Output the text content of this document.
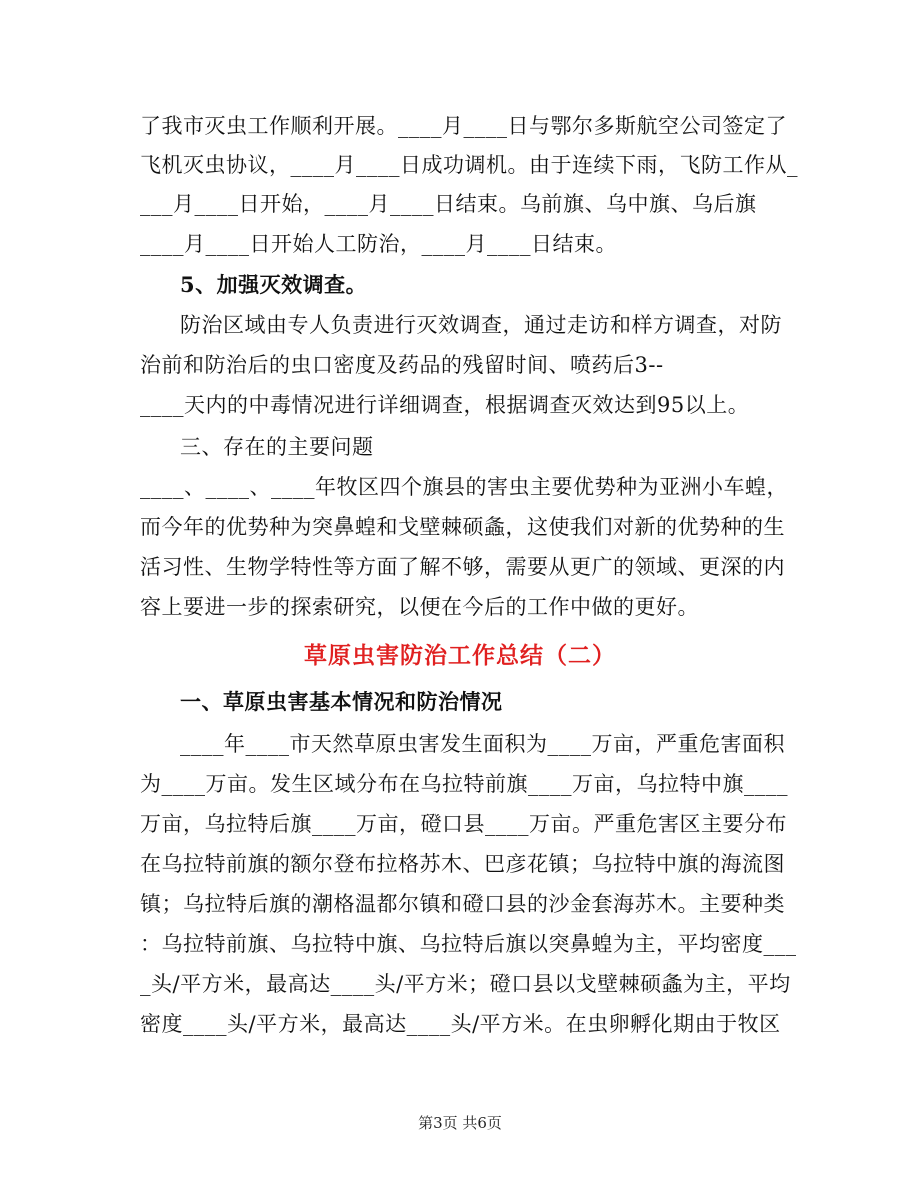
了我市灭虫工作顺利开展。____月____日与鄂尔多斯航空公司签定了
飞机灭虫协议，____月____日成功调机。由于连续下雨，飞防工作从_
___月____日开始，____月____日结束。乌前旗、乌中旗、乌后旗
____月____日开始人工防治，____月____日结束。
5、加强灭效调查。
防治区域由专人负责进行灭效调查，通过走访和样方调查，对防
治前和防治后的虫口密度及药品的残留时间、喷药后3--
____天内的中毒情况进行详细调查，根据调查灭效达到95以上。
三、存在的主要问题
____、____、____年牧区四个旗县的害虫主要优势种为亚洲小车蝗，
而今年的优势种为突鼻蝗和戈壁棘硕螽，这使我们对新的优势种的生
活习性、生物学特性等方面了解不够，需要从更广的领域、更深的内
容上要进一步的探索研究，以便在今后的工作中做的更好。
草原虫害防治工作总结（二）
一、草原虫害基本情况和防治情况
____年____市天然草原虫害发生面积为____万亩，严重危害面积
为____万亩。发生区域分布在乌拉特前旗____万亩，乌拉特中旗____
万亩，乌拉特后旗____万亩，磴口县____万亩。严重危害区主要分布
在乌拉特前旗的额尔登布拉格苏木、巴彦花镇；乌拉特中旗的海流图
镇；乌拉特后旗的潮格温都尔镇和磴口县的沙金套海苏木。主要种类
：乌拉特前旗、乌拉特中旗、乌拉特后旗以突鼻蝗为主，平均密度___
_头/平方米，最高达____头/平方米；磴口县以戈壁棘硕螽为主，平均
密度____头/平方米，最高达____头/平方米。在虫卵孵化期由于牧区
第3页 共6页
